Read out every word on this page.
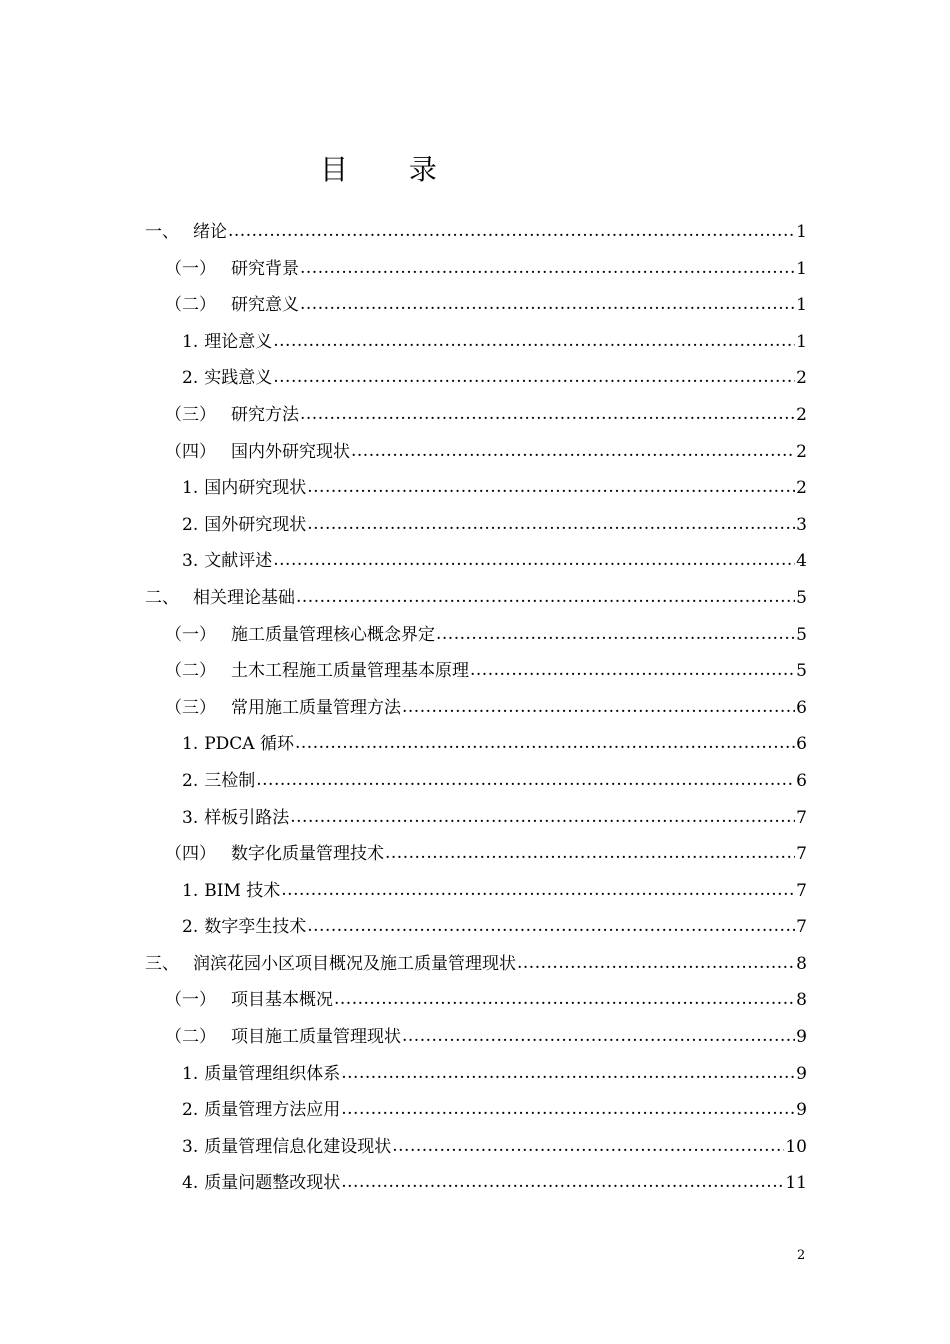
目 录
一、 绪论 .....	1
（一） 研究背景 .....	1
（二） 研究意义 .....	1
1. 理论意义 .....	1
2. 实践意义 .....	2
（三） 研究方法 .....	2
（四） 国内外研究现状 .....	2
1. 国内研究现状 .....	2
2. 国外研究现状 .....	3
3. 文献评述 .....	4
二、 相关理论基础 .....	5
（一） 施工质量管理核心概念界定 .....	5
（二） 土木工程施工质量管理基本原理 .....	5
（三） 常用施工质量管理方法 .....	6
1. PDCA 循环 .....	6
2. 三检制 .....	6
3. 样板引路法 .....	7
（四） 数字化质量管理技术 .....	7
1. BIM 技术 .....	7
2. 数字孪生技术 .....	7
三、 润滨花园小区项目概况及施工质量管理现状 .....	8
（一） 项目基本概况 .....	8
（二） 项目施工质量管理现状 .....	9
1. 质量管理组织体系 .....	9
2. 质量管理方法应用 .....	9
3. 质量管理信息化建设现状 .....	10
4. 质量问题整改现状 .....	11
2
